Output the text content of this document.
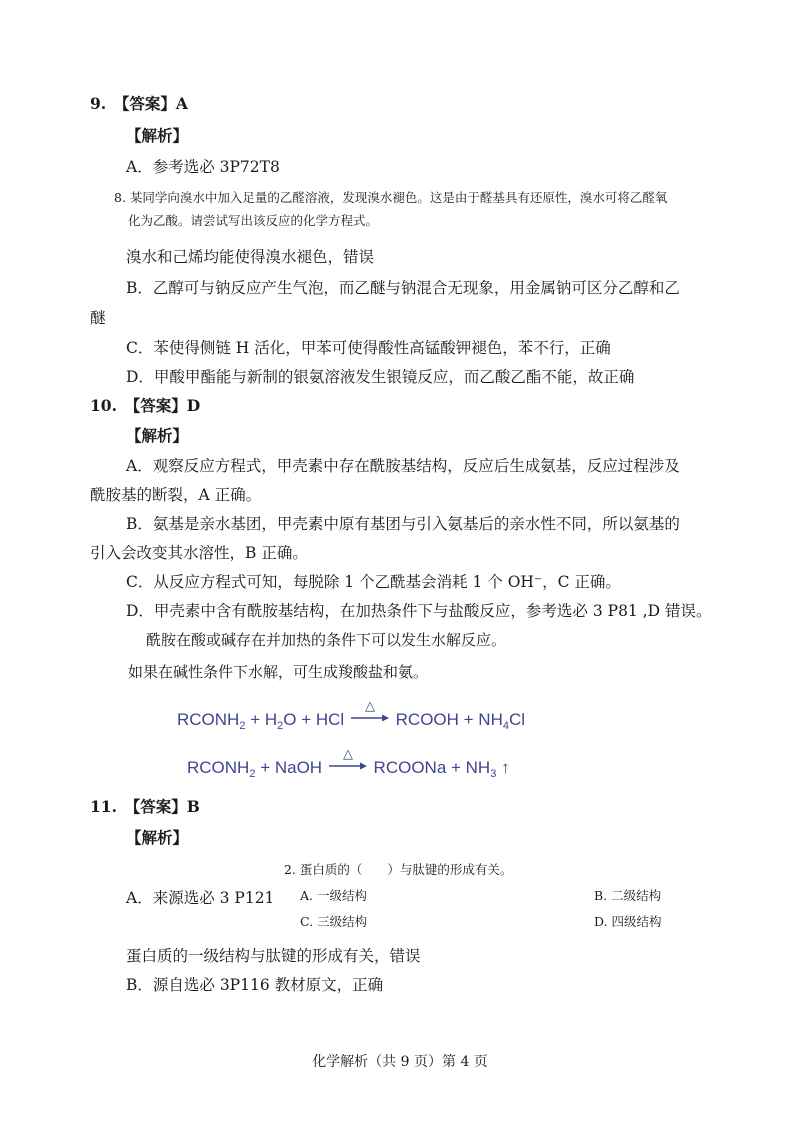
9.　【答案】A
【解析】
A．参考选必 3P72T8
8. 某同学向溴水中加入足量的乙醛溶液，发现溴水褪色。这是由于醛基具有还原性，溴水可将乙醛氧
化为乙酸。请尝试写出该反应的化学方程式。
溴水和己烯均能使得溴水褪色，错误
B．乙醇可与钠反应产生气泡，而乙醚与钠混合无现象，用金属钠可区分乙醇和乙
醚
C．苯使得侧链 H 活化，甲苯可使得酸性高锰酸钾褪色，苯不行，正确
D．甲酸甲酯能与新制的银氨溶液发生银镜反应，而乙酸乙酯不能，故正确
10.　【答案】D
【解析】
A．观察反应方程式，甲壳素中存在酰胺基结构，反应后生成氨基，反应过程涉及
酰胺基的断裂，A 正确。
B．氨基是亲水基团，甲壳素中原有基团与引入氨基后的亲水性不同，所以氨基的
引入会改变其水溶性，B 正确。
C．从反应方程式可知，每脱除 1 个乙酰基会消耗 1 个 OH⁻，C 正确。
D．甲壳素中含有酰胺基结构，在加热条件下与盐酸反应，参考选必 3 P81 ,D 错误。
酰胺在酸或碱存在并加热的条件下可以发生水解反应。
如果在碱性条件下水解，可生成羧酸盐和氨。
$RCONH_2 + H_2O$ + HCl
△
RCOOH + $NH_4Cl$
$RCONH_2$ + NaOH
△
RCOONa + $NH_3$ ↑
11.　【答案】B
【解析】
2. 蛋白质的（　　）与肽键的形成有关。
A．来源选必 3 P121 A. 一级结构	B. 二级结构
C. 三级结构	D. 四级结构
蛋白质的一级结构与肽键的形成有关，错误
B．源自选必 3P116 教材原文，正确
化学解析（共 9 页）第 4 页
